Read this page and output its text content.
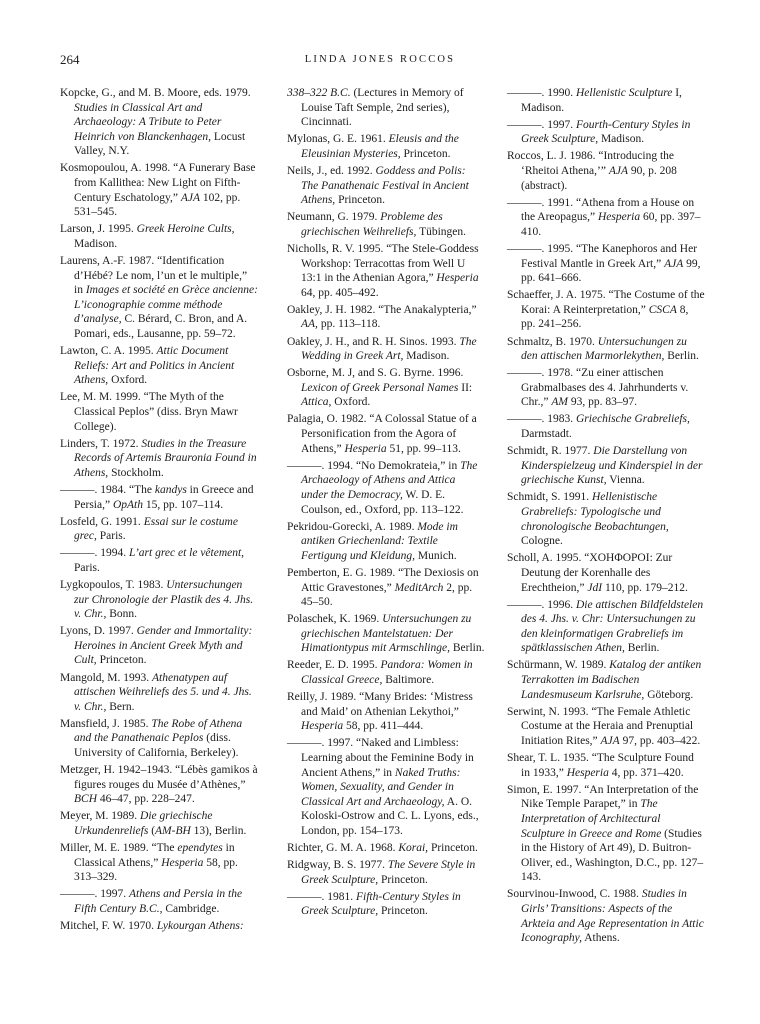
264	LINDA JONES ROCCOS
Kopcke, G., and M. B. Moore, eds. 1979. Studies in Classical Art and Archaeology: A Tribute to Peter Heinrich von Blanckenhagen, Locust Valley, N.Y.
Kosmopoulou, A. 1998. “A Funerary Base from Kallithea: New Light on Fifth-Century Eschatology,” AJA 102, pp. 531–545.
Larson, J. 1995. Greek Heroine Cults, Madison.
Laurens, A.-F. 1987. “Identification d’Hébé? Le nom, l’un et le multiple,” in Images et société en Grèce ancienne: L’iconographie comme méthode d’analyse, C. Bérard, C. Bron, and A. Pomari, eds., Lausanne, pp. 59–72.
Lawton, C. A. 1995. Attic Document Reliefs: Art and Politics in Ancient Athens, Oxford.
Lee, M. M. 1999. “The Myth of the Classical Peplos” (diss. Bryn Mawr College).
Linders, T. 1972. Studies in the Treasure Records of Artemis Brauronia Found in Athens, Stockholm.
———. 1984. “The kandys in Greece and Persia,” OpAth 15, pp. 107–114.
Losfeld, G. 1991. Essai sur le costume grec, Paris.
———. 1994. L’art grec et le vêtement, Paris.
Lygkopoulos, T. 1983. Untersuchungen zur Chronologie der Plastik des 4. Jhs. v. Chr., Bonn.
Lyons, D. 1997. Gender and Immortality: Heroines in Ancient Greek Myth and Cult, Princeton.
Mangold, M. 1993. Athenatypen auf attischen Weihreliefs des 5. und 4. Jhs. v. Chr., Bern.
Mansfield, J. 1985. The Robe of Athena and the Panathenaic Peplos (diss. University of California, Berkeley).
Metzger, H. 1942–1943. “Lébès gamikos à figures rouges du Musée d’Athènes,” BCH 46–47, pp. 228–247.
Meyer, M. 1989. Die griechische Urkundenreliefs (AM-BH 13), Berlin.
Miller, M. E. 1989. “The ependytes in Classical Athens,” Hesperia 58, pp. 313–329.
———. 1997. Athens and Persia in the Fifth Century B.C., Cambridge.
Mitchel, F. W. 1970. Lykourgan Athens:
338–322 B.C. (Lectures in Memory of Louise Taft Semple, 2nd series), Cincinnati.
Mylonas, G. E. 1961. Eleusis and the Eleusinian Mysteries, Princeton.
Neils, J., ed. 1992. Goddess and Polis: The Panathenaic Festival in Ancient Athens, Princeton.
Neumann, G. 1979. Probleme des griechischen Weihreliefs, Tübingen.
Nicholls, R. V. 1995. “The Stele-Goddess Workshop: Terracottas from Well U 13:1 in the Athenian Agora,” Hesperia 64, pp. 405–492.
Oakley, J. H. 1982. “The Anakalypteria,” AA, pp. 113–118.
Oakley, J. H., and R. H. Sinos. 1993. The Wedding in Greek Art, Madison.
Osborne, M. J, and S. G. Byrne. 1996. Lexicon of Greek Personal Names II: Attica, Oxford.
Palagia, O. 1982. “A Colossal Statue of a Personification from the Agora of Athens,” Hesperia 51, pp. 99–113.
———. 1994. “No Demokrateia,” in The Archaeology of Athens and Attica under the Democracy, W. D. E. Coulson, ed., Oxford, pp. 113–122.
Pekridou-Gorecki, A. 1989. Mode im antiken Griechenland: Textile Fertigung und Kleidung, Munich.
Pemberton, E. G. 1989. “The Dexiosis on Attic Gravestones,” MeditArch 2, pp. 45–50.
Polaschek, K. 1969. Untersuchungen zu griechischen Mantelstatuen: Der Himationtypus mit Armschlinge, Berlin.
Reeder, E. D. 1995. Pandora: Women in Classical Greece, Baltimore.
Reilly, J. 1989. “Many Brides: ‘Mistress and Maid’ on Athenian Lekythoi,” Hesperia 58, pp. 411–444.
———. 1997. “Naked and Limbless: Learning about the Feminine Body in Ancient Athens,” in Naked Truths: Women, Sexuality, and Gender in Classical Art and Archaeology, A. O. Koloski-Ostrow and C. L. Lyons, eds., London, pp. 154–173.
Richter, G. M. A. 1968. Korai, Princeton.
Ridgway, B. S. 1977. The Severe Style in Greek Sculpture, Princeton.
———. 1981. Fifth-Century Styles in Greek Sculpture, Princeton.
———. 1990. Hellenistic Sculpture I, Madison.
———. 1997. Fourth-Century Styles in Greek Sculpture, Madison.
Roccos, L. J. 1986. “Introducing the ‘Rheitoi Athena,’” AJA 90, p. 208 (abstract).
———. 1991. “Athena from a House on the Areopagus,” Hesperia 60, pp. 397–410.
———. 1995. “The Kanephoros and Her Festival Mantle in Greek Art,” AJA 99, pp. 641–666.
Schaeffer, J. A. 1975. “The Costume of the Korai: A Reinterpretation,” CSCA 8, pp. 241–256.
Schmaltz, B. 1970. Untersuchungen zu den attischen Marmorlekythen, Berlin.
———. 1978. “Zu einer attischen Grabmalbases des 4. Jahrhunderts v. Chr.,” AM 93, pp. 83–97.
———. 1983. Griechische Grabreliefs, Darmstadt.
Schmidt, R. 1977. Die Darstellung von Kinderspielzeug und Kinderspiel in der griechische Kunst, Vienna.
Schmidt, S. 1991. Hellenistische Grabreliefs: Typologische und chronologische Beobachtungen, Cologne.
Scholl, A. 1995. “ΧΟΗΦΟΡΟΙ: Zur Deutung der Korenhalle des Erechtheion,” JdI 110, pp. 179–212.
———. 1996. Die attischen Bildfeldstelen des 4. Jhs. v. Chr: Untersuchungen zu den kleinformatigen Grabreliefs im spätklassischen Athen, Berlin.
Schürmann, W. 1989. Katalog der antiken Terrakotten im Badischen Landesmuseum Karlsruhe, Göteborg.
Serwint, N. 1993. “The Female Athletic Costume at the Heraia and Prenuptial Initiation Rites,” AJA 97, pp. 403–422.
Shear, T. L. 1935. “The Sculpture Found in 1933,” Hesperia 4, pp. 371–420.
Simon, E. 1997. “An Interpretation of the Nike Temple Parapet,” in The Interpretation of Architectural Sculpture in Greece and Rome (Studies in the History of Art 49), D. Buitron-Oliver, ed., Washington, D.C., pp. 127–143.
Sourvinou-Inwood, C. 1988. Studies in Girls’ Transitions: Aspects of the Arkteia and Age Representation in Attic Iconography, Athens.
